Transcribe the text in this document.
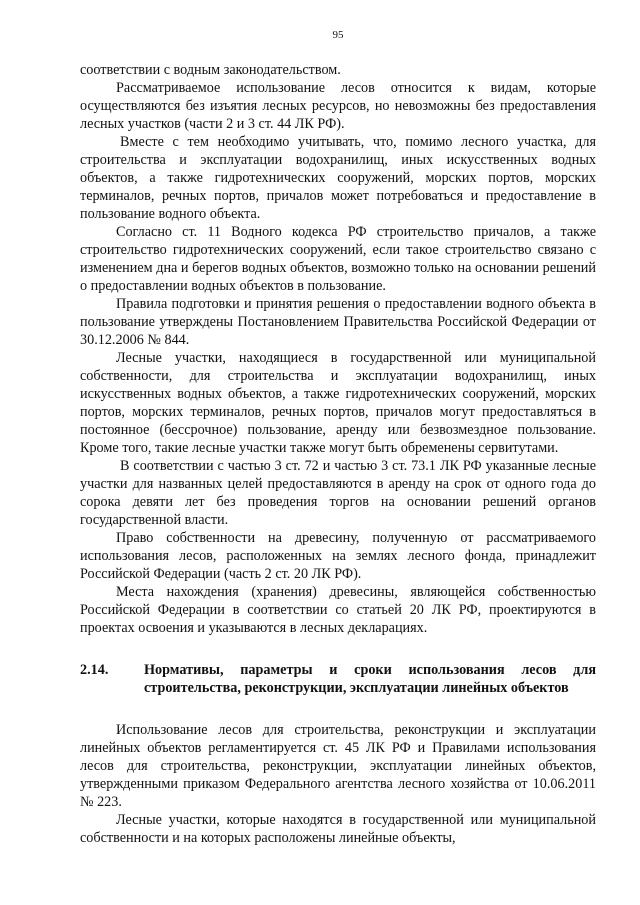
95

соответствии с водным законодательством.

Рассматриваемое использование лесов относится к видам, которые осуществляются без изъятия лесных ресурсов, но невозможны без предоставления лесных участков (части 2 и 3 ст. 44 ЛК РФ).

Вместе с тем необходимо учитывать, что, помимо лесного участка, для строительства и эксплуатации водохранилищ, иных искусственных водных объектов, а также гидротехнических сооружений, морских портов, морских терминалов, речных портов, причалов может потребоваться и предоставление в пользование водного объекта.

Согласно ст. 11 Водного кодекса РФ строительство причалов, а также строительство гидротехнических сооружений, если такое строительство связано с изменением дна и берегов водных объектов, возможно только на основании решений о предоставлении водных объектов в пользование.

Правила подготовки и принятия решения о предоставлении водного объекта в пользование утверждены Постановлением Правительства Российской Федерации от 30.12.2006 № 844.

Лесные участки, находящиеся в государственной или муниципальной собственности, для строительства и эксплуатации водохранилищ, иных искусственных водных объектов, а также гидротехнических сооружений, морских портов, морских терминалов, речных портов, причалов могут предоставляться в постоянное (бессрочное) пользование, аренду или безвозмездное пользование. Кроме того, такие лесные участки также могут быть обременены сервитутами.

В соответствии с частью 3 ст. 72 и частью 3 ст. 73.1 ЛК РФ указанные лесные участки для названных целей предоставляются в аренду на срок от одного года до сорока девяти лет без проведения торгов на основании решений органов государственной власти.

Право собственности на древесину, полученную от рассматриваемого использования лесов, расположенных на землях лесного фонда, принадлежит Российской Федерации (часть 2 ст. 20 ЛК РФ).

Места нахождения (хранения) древесины, являющейся собственностью Российской Федерации в соответствии со статьей 20 ЛК РФ, проектируются в проектах освоения и указываются в лесных декларациях.

2.14.	Нормативы, параметры и сроки использования лесов для строительства, реконструкции, эксплуатации линейных объектов

Использование лесов для строительства, реконструкции и эксплуатации линейных объектов регламентируется ст. 45 ЛК РФ и Правилами использования лесов для строительства, реконструкции, эксплуатации линейных объектов, утвержденными приказом Федерального агентства лесного хозяйства от 10.06.2011 № 223.

Лесные участки, которые находятся в государственной или муниципальной собственности и на которых расположены линейные объекты,
